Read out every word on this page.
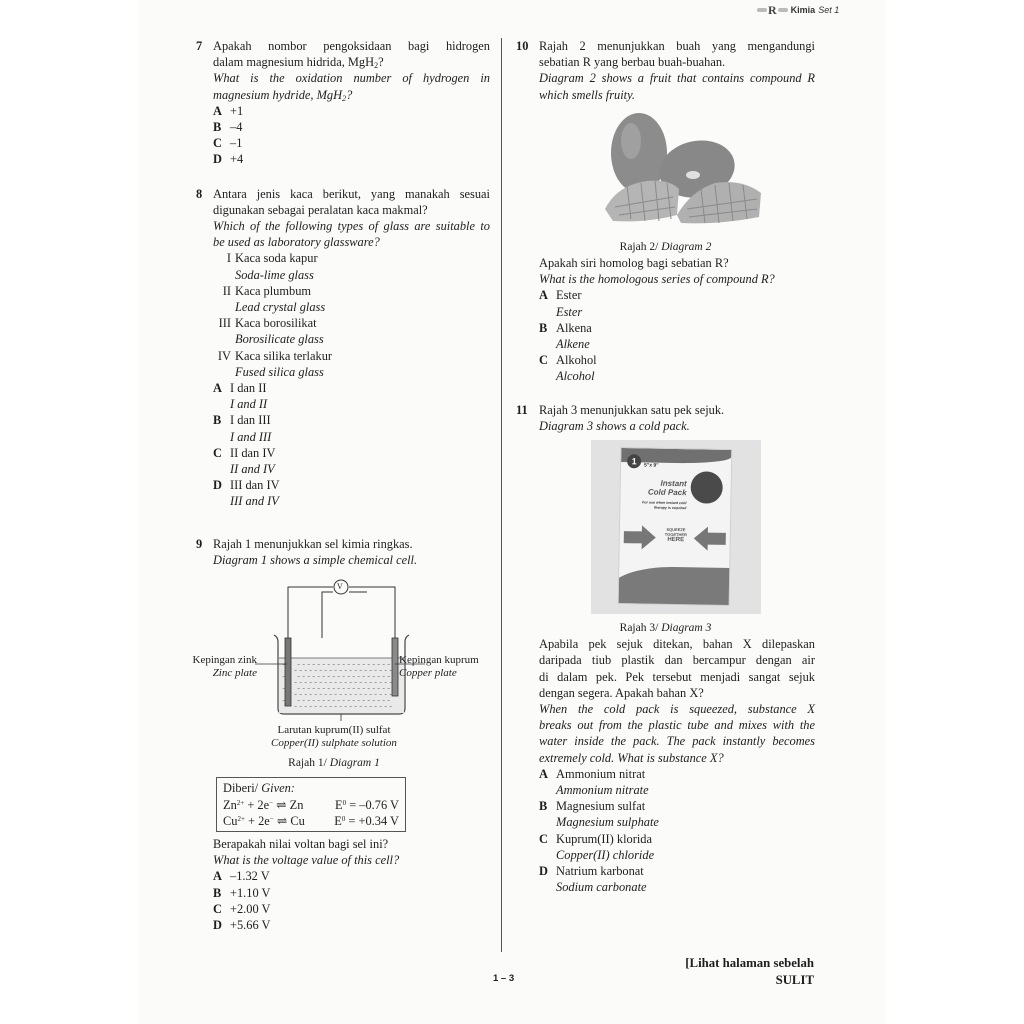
R Kimia Set 1
7 Apakah nombor pengoksidaan bagi hidrogen
dalam magnesium hidrida, MgH$_2$?
What is the oxidation number of hydrogen in
magnesium hydride, MgH$_2$?
A +1
B –4
C –1
D +4
8 Antara jenis kaca berikut, yang manakah sesuai
digunakan sebagai peralatan kaca makmal?
Which of the following types of glass are suitable to
be used as laboratory glassware?
I Kaca soda kapur
Soda-lime glass
II Kaca plumbum
Lead crystal glass
III Kaca borosilikat
Borosilicate glass
IV Kaca silika terlakur
Fused silica glass
A I dan II
I and II
B I dan III
I and III
C II dan IV
II and IV
D III dan IV
III and IV
9 Rajah 1 menunjukkan sel kimia ringkas.
Diagram 1 shows a simple chemical cell.
V
Kepingan zink
Zinc plate
Kepingan kuprum
Copper plate
Larutan kuprum(II) sulfat
Copper(II) sulphate solution
Rajah 1/ Diagram 1
Diberi/ Given:
$Zn^{2+} + 2e^-$ ⇌ Zn	$E^0 = -0.76$ V
$Cu^{2+} + 2e^-$ ⇌ Cu $E^0 = +0.34$ V
Berapakah nilai voltan bagi sel ini?
What is the voltage value of this cell?
A –1.32 V
B +1.10 V
C +2.00 V
D +5.66 V
10 Rajah 2 menunjukkan buah yang mengandungi
sebatian R yang berbau buah-buahan.
Diagram 2 shows a fruit that contains compound R
which smells fruity.
Rajah 2/ Diagram 2
Apakah siri homolog bagi sebatian R?
What is the homologous series of compound R?
A Ester
Ester
B Alkena
Alkene
C Alkohol
Alcohol
11 Rajah 3 menunjukkan satu pek sejuk.
Diagram 3 shows a cold pack.
1	5"x 9"
Instant
Cold Pack
For use when instant cold therapy is required
SQUEEZE
TOGETHER
HERE
Rajah 3/ Diagram 3
Apabila pek sejuk ditekan, bahan X dilepaskan
daripada tiub plastik dan bercampur dengan air
di dalam pek. Pek tersebut menjadi sangat sejuk
dengan segera. Apakah bahan X?
When the cold pack is squeezed, substance X
breaks out from the plastic tube and mixes with the
water inside the pack. The pack instantly becomes
extremely cold. What is substance X?
A Ammonium nitrat
Ammonium nitrate
B Magnesium sulfat
Magnesium sulphate
C Kuprum(II) klorida
Copper(II) chloride
D Natrium karbonat
Sodium carbonate
1 – 3
[Lihat halaman sebelah
SULIT
